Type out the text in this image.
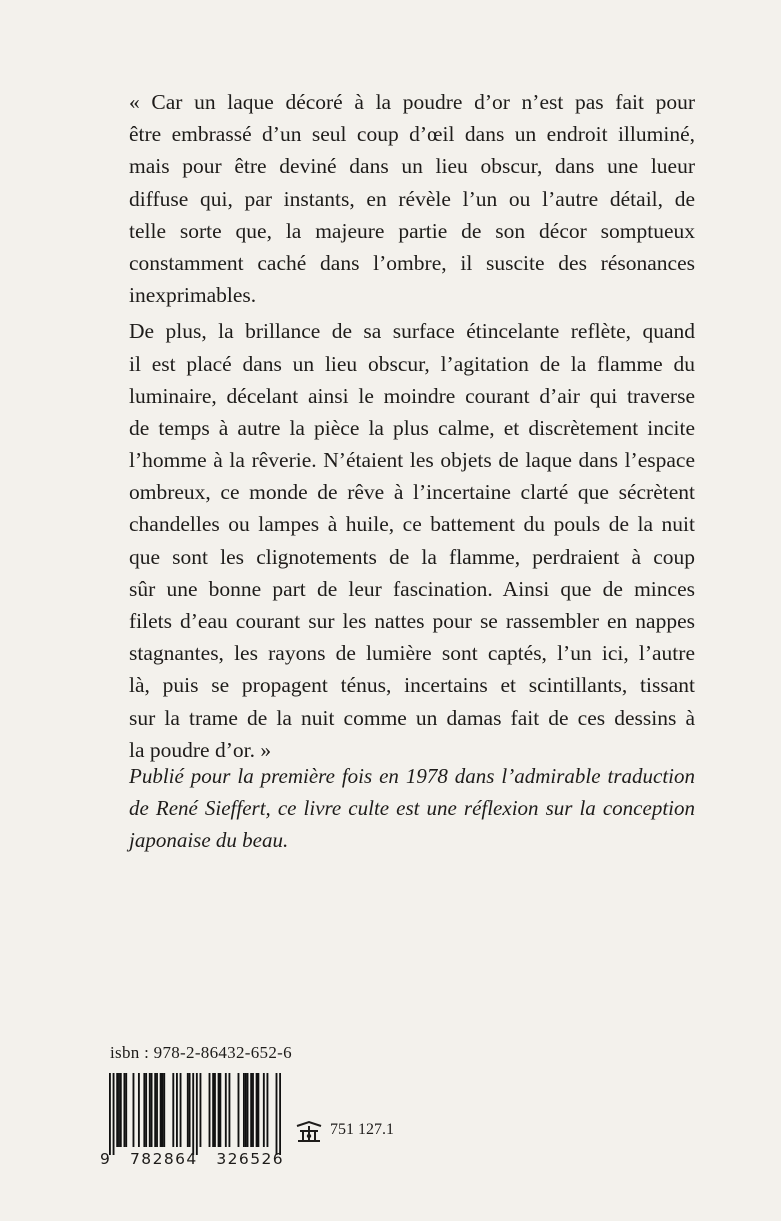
« Car un laque décoré à la poudre d’or n’est pas fait pour
être embrassé d’un seul coup d’œil dans un endroit illuminé,
mais pour être deviné dans un lieu obscur, dans une lueur
diffuse qui, par instants, en révèle l’un ou l’autre détail, de
telle sorte que, la majeure partie de son décor somptueux
constamment caché dans l’ombre, il suscite des résonances
inexprimables.
De plus, la brillance de sa surface étincelante reflète, quand
il est placé dans un lieu obscur, l’agitation de la flamme du
luminaire, décelant ainsi le moindre courant d’air qui traverse
de temps à autre la pièce la plus calme, et discrètement incite
l’homme à la rêverie. N’étaient les objets de laque dans l’espace
ombreux, ce monde de rêve à l’incertaine clarté que sécrètent
chandelles ou lampes à huile, ce battement du pouls de la nuit
que sont les clignotements de la flamme, perdraient à coup
sûr une bonne part de leur fascination. Ainsi que de minces
filets d’eau courant sur les nattes pour se rassembler en nappes
stagnantes, les rayons de lumière sont captés, l’un ici, l’autre
là, puis se propagent ténus, incertains et scintillants, tissant
sur la trame de la nuit comme un damas fait de ces dessins à
la poudre d’or. »
Publié pour la première fois en 1978 dans l’admirable traduction
de René Sieffert, ce livre culte est une réflexion sur la conception
japonaise du beau.
isbn : 978-2-86432-652-6
9 782864 326526
751 127.1
